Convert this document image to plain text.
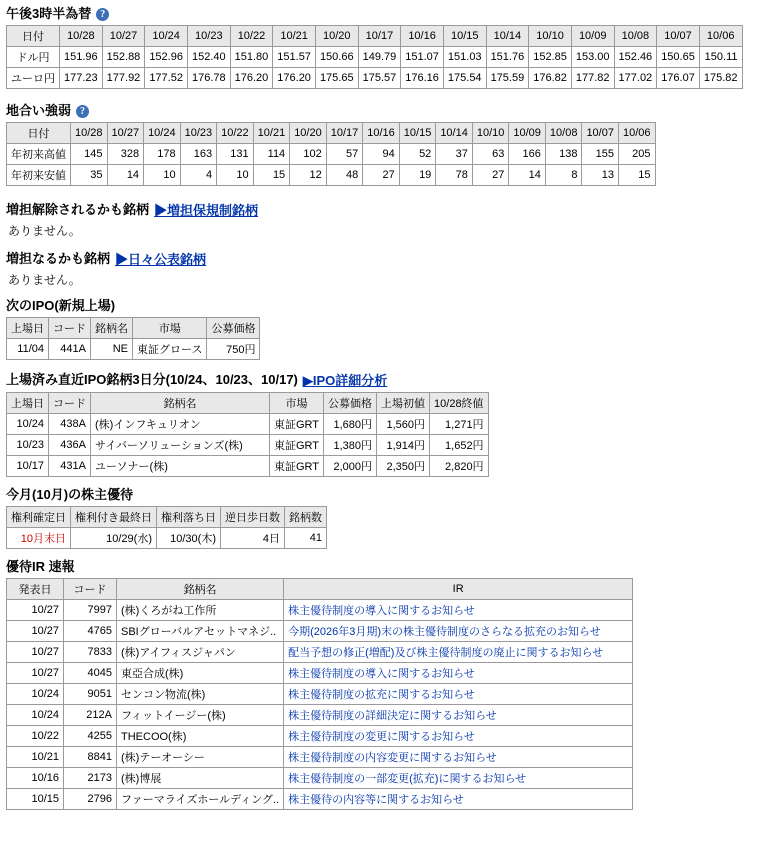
午後3時半為替 ?
日付	10/28	10/27	10/24	10/23	10/22	10/21	10/20	10/17	10/16	10/15	10/14	10/10	10/09	10/08	10/07	10/06
ドル円	151.96	152.88	152.96	152.40	151.80	151.57	150.66	149.79	151.07	151.03	151.76	152.85	153.00	152.46	150.65	150.11
ユーロ円	177.23	177.92	177.52	176.78	176.20	176.20	175.65	175.57	176.16	175.54	175.59	176.82	177.82	177.02	176.07	175.82
地合い強弱 ?
日付	10/28	10/27	10/24	10/23	10/22	10/21	10/20	10/17	10/16	10/15	10/14	10/10	10/09	10/08	10/07	10/06
年初来高値	145	328	178	163	131	114	102	57	94	52	37	63	166	138	155	205
年初来安値	35	14	10	4	10	15	12	48	27	19	78	27	14	8	13	15
増担解除されるかも銘柄 ▶増担保規制銘柄
ありません。
増担なるかも銘柄 ▶日々公表銘柄
ありません。
次のIPO(新規上場)
上場日	コード	銘柄名	市場	公募価格
11/04	441A	NE	東証グロース	750円
上場済み直近IPO銘柄3日分(10/24、10/23、10/17) ▶IPO詳細分析
上場日	コード	銘柄名	市場	公募価格	上場初値	10/28終値
10/24	438A	(株)インフキュリオン	東証GRT	1,680円	1,560円	1,271円
10/23	436A	サイバーソリューションズ(株)	東証GRT	1,380円	1,914円	1,652円
10/17	431A	ユーソナー(株)	東証GRT	2,000円	2,350円	2,820円
今月(10月)の株主優待
権利確定日	権利付き最終日	権利落ち日	逆日歩日数	銘柄数
10月末日	10/29(水)	10/30(木)	4日	41
優待IR 速報
発表日	コード	銘柄名	IR
10/27	7997	(株)くろがね工作所	株主優待制度の導入に関するお知らせ
10/27	4765	SBIグローバルアセットマネジ..	今期(2026年3月期)末の株主優待制度のさらなる拡充のお知らせ
10/27	7833	(株)アイフィスジャパン	配当予想の修正(増配)及び株主優待制度の廃止に関するお知らせ
10/27	4045	東亞合成(株)	株主優待制度の導入に関するお知らせ
10/24	9051	センコン物流(株)	株主優待制度の拡充に関するお知らせ
10/24	212A	フィットイージー(株)	株主優待制度の詳細決定に関するお知らせ
10/22	4255	THECOO(株)	株主優待制度の変更に関するお知らせ
10/21	8841	(株)テーオーシー	株主優待制度の内容変更に関するお知らせ
10/16	2173	(株)博展	株主優待制度の一部変更(拡充)に関するお知らせ
10/15	2796	ファーマライズホールディング..	株主優待の内容等に関するお知らせ
